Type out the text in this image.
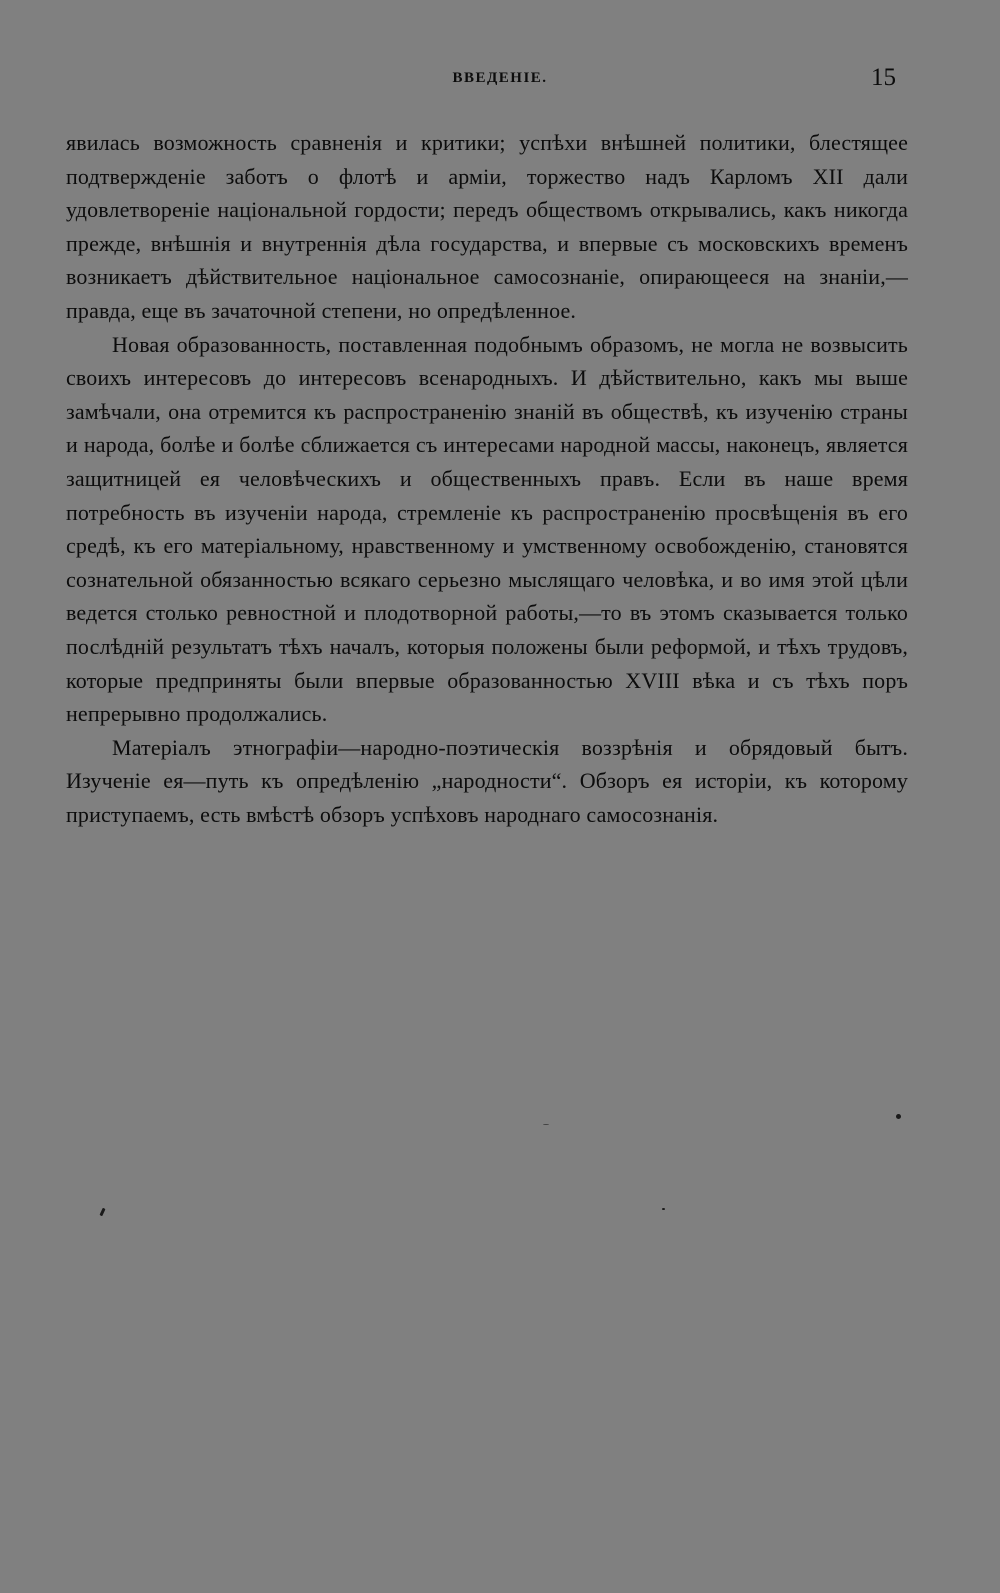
ВВЕДЕНІЕ.	15

явилась возможность сравненія и критики; успѣхи внѣшней политики, блестящее подтвержденіе заботъ о флотѣ и арміи, торжество надъ Карломъ XII дали удовлетвореніе національной гордости; передъ обществомъ открывались, какъ никогда прежде, внѣшнія и внутреннія дѣла государства, и впервые съ московскихъ временъ возникаетъ дѣйствительное національное самосознаніе, опирающееся на знаніи,—правда, еще въ зачаточной степени, но опредѣленное.

Новая образованность, поставленная подобнымъ образомъ, не могла не возвысить своихъ интересовъ до интересовъ всенародныхъ. И дѣйствительно, какъ мы выше замѣчали, она отремится къ распространенію знаній въ обществѣ, къ изученію страны и народа, болѣе и болѣе сближается съ интересами народной массы, наконецъ, является защитницей ея человѣческихъ и общественныхъ правъ. Если въ наше время потребность въ изученіи народа, стремленіе къ распространенію просвѣщенія въ его средѣ, къ его матеріальному, нравственному и умственному освобожденію, становятся сознательной обязанностью всякаго серьезно мыслящаго человѣка, и во имя этой цѣли ведется столько ревностной и плодотворной работы,—то въ этомъ сказывается только послѣдній результатъ тѣхъ началъ, которыя положены были реформой, и тѣхъ трудовъ, которые предприняты были впервые образованностью XVIII вѣка и съ тѣхъ поръ непрерывно продолжались.

Матеріалъ этнографіи—народно-поэтическія воззрѣнія и обрядовый бытъ. Изученіе ея—путь къ опредѣленію „народности“. Обзоръ ея исторіи, къ которому приступаемъ, есть вмѣстѣ обзоръ успѣховъ народнаго самосознанія.
